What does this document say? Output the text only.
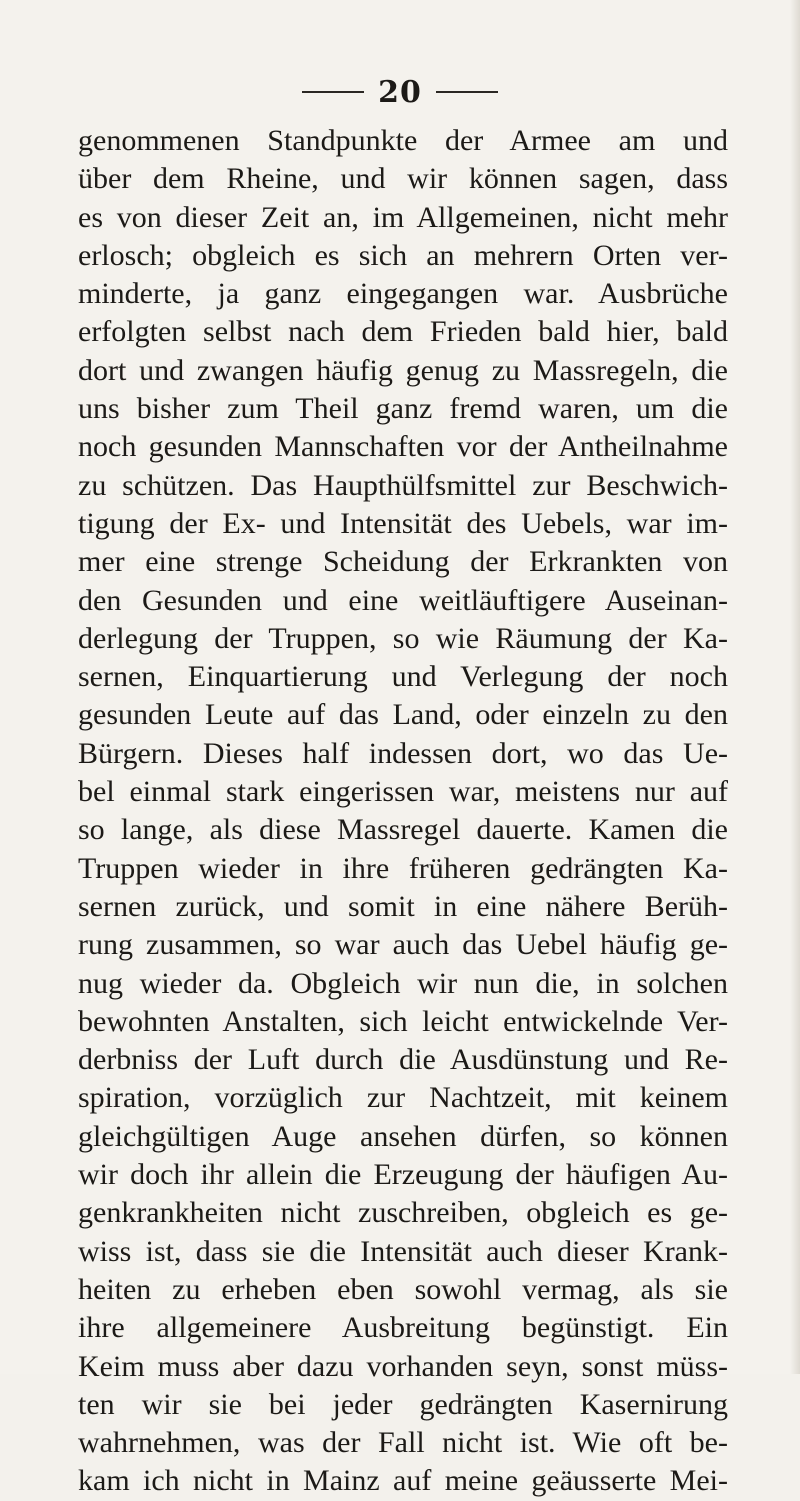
20
genommenen Standpunkte der Armee am und
über dem Rheine, und wir können sagen, dass
es von dieser Zeit an, im Allgemeinen, nicht mehr
erlosch; obgleich es sich an mehrern Orten ver-
minderte, ja ganz eingegangen war. Ausbrüche
erfolgten selbst nach dem Frieden bald hier, bald
dort und zwangen häufig genug zu Massregeln, die
uns bisher zum Theil ganz fremd waren, um die
noch gesunden Mannschaften vor der Antheilnahme
zu schützen. Das Haupthülfsmittel zur Beschwich-
tigung der Ex- und Intensität des Uebels, war im-
mer eine strenge Scheidung der Erkrankten von
den Gesunden und eine weitläuftigere Auseinan-
derlegung der Truppen, so wie Räumung der Ka-
sernen, Einquartierung und Verlegung der noch
gesunden Leute auf das Land, oder einzeln zu den
Bürgern. Dieses half indessen dort, wo das Ue-
bel einmal stark eingerissen war, meistens nur auf
so lange, als diese Massregel dauerte. Kamen die
Truppen wieder in ihre früheren gedrängten Ka-
sernen zurück, und somit in eine nähere Berüh-
rung zusammen, so war auch das Uebel häufig ge-
nug wieder da. Obgleich wir nun die, in solchen
bewohnten Anstalten, sich leicht entwickelnde Ver-
derbniss der Luft durch die Ausdünstung und Re-
spiration, vorzüglich zur Nachtzeit, mit keinem
gleichgültigen Auge ansehen dürfen, so können
wir doch ihr allein die Erzeugung der häufigen Au-
genkrankheiten nicht zuschreiben, obgleich es ge-
wiss ist, dass sie die Intensität auch dieser Krank-
heiten zu erheben eben sowohl vermag, als sie
ihre allgemeinere Ausbreitung begünstigt. Ein
Keim muss aber dazu vorhanden seyn, sonst müss-
ten wir sie bei jeder gedrängten Kasernirung
wahrnehmen, was der Fall nicht ist. Wie oft be-
kam ich nicht in Mainz auf meine geäusserte Mei-
